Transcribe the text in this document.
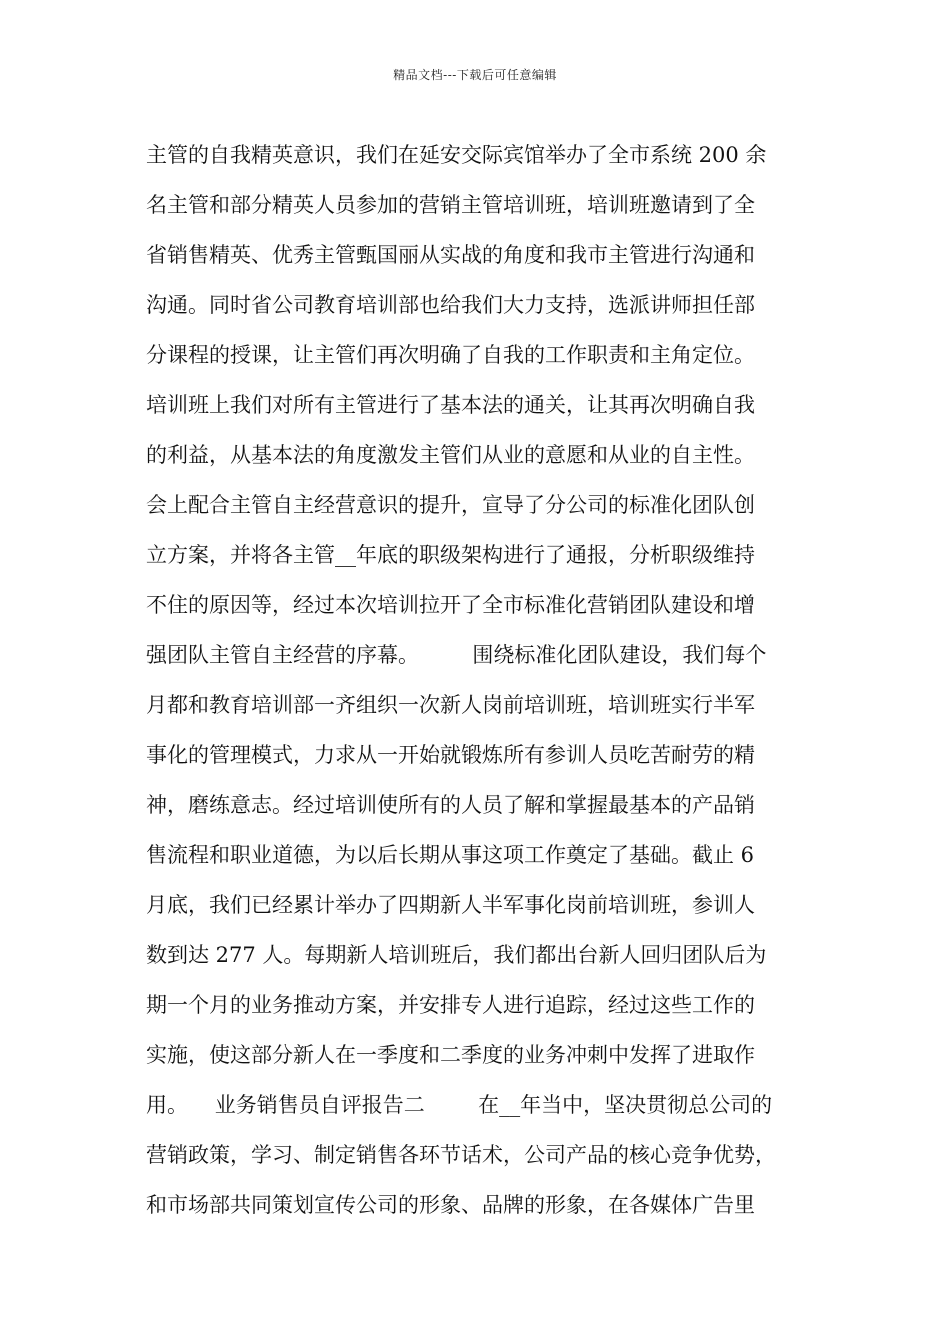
精品文档---下载后可任意编辑
主管的自我精英意识，我们在延安交际宾馆举办了全市系统 200 余
名主管和部分精英人员参加的营销主管培训班，培训班邀请到了全
省销售精英、优秀主管甄国丽从实战的角度和我市主管进行沟通和
沟通。同时省公司教育培训部也给我们大力支持，选派讲师担任部
分课程的授课，让主管们再次明确了自我的工作职责和主角定位。
培训班上我们对所有主管进行了基本法的通关，让其再次明确自我
的利益，从基本法的角度激发主管们从业的意愿和从业的自主性。
会上配合主管自主经营意识的提升，宣导了分公司的标准化团队创
立方案，并将各主管__年底的职级架构进行了通报，分析职级维持
不住的原因等，经过本次培训拉开了全市标准化营销团队建设和增
强团队主管自主经营的序幕。        围绕标准化团队建设，我们每个
月都和教育培训部一齐组织一次新人岗前培训班，培训班实行半军
事化的管理模式，力求从一开始就锻炼所有参训人员吃苦耐劳的精
神，磨练意志。经过培训使所有的人员了解和掌握最基本的产品销
售流程和职业道德，为以后长期从事这项工作奠定了基础。截止 6
月底，我们已经累计举办了四期新人半军事化岗前培训班，参训人
数到达 277 人。每期新人培训班后，我们都出台新人回归团队后为
期一个月的业务推动方案，并安排专人进行追踪，经过这些工作的
实施，使这部分新人在一季度和二季度的业务冲刺中发挥了进取作
用。    业务销售员自评报告二        在__年当中，坚决贯彻总公司的
营销政策，学习、制定销售各环节话术，公司产品的核心竞争优势，
和市场部共同策划宣传公司的形象、品牌的形象，在各媒体广告里
